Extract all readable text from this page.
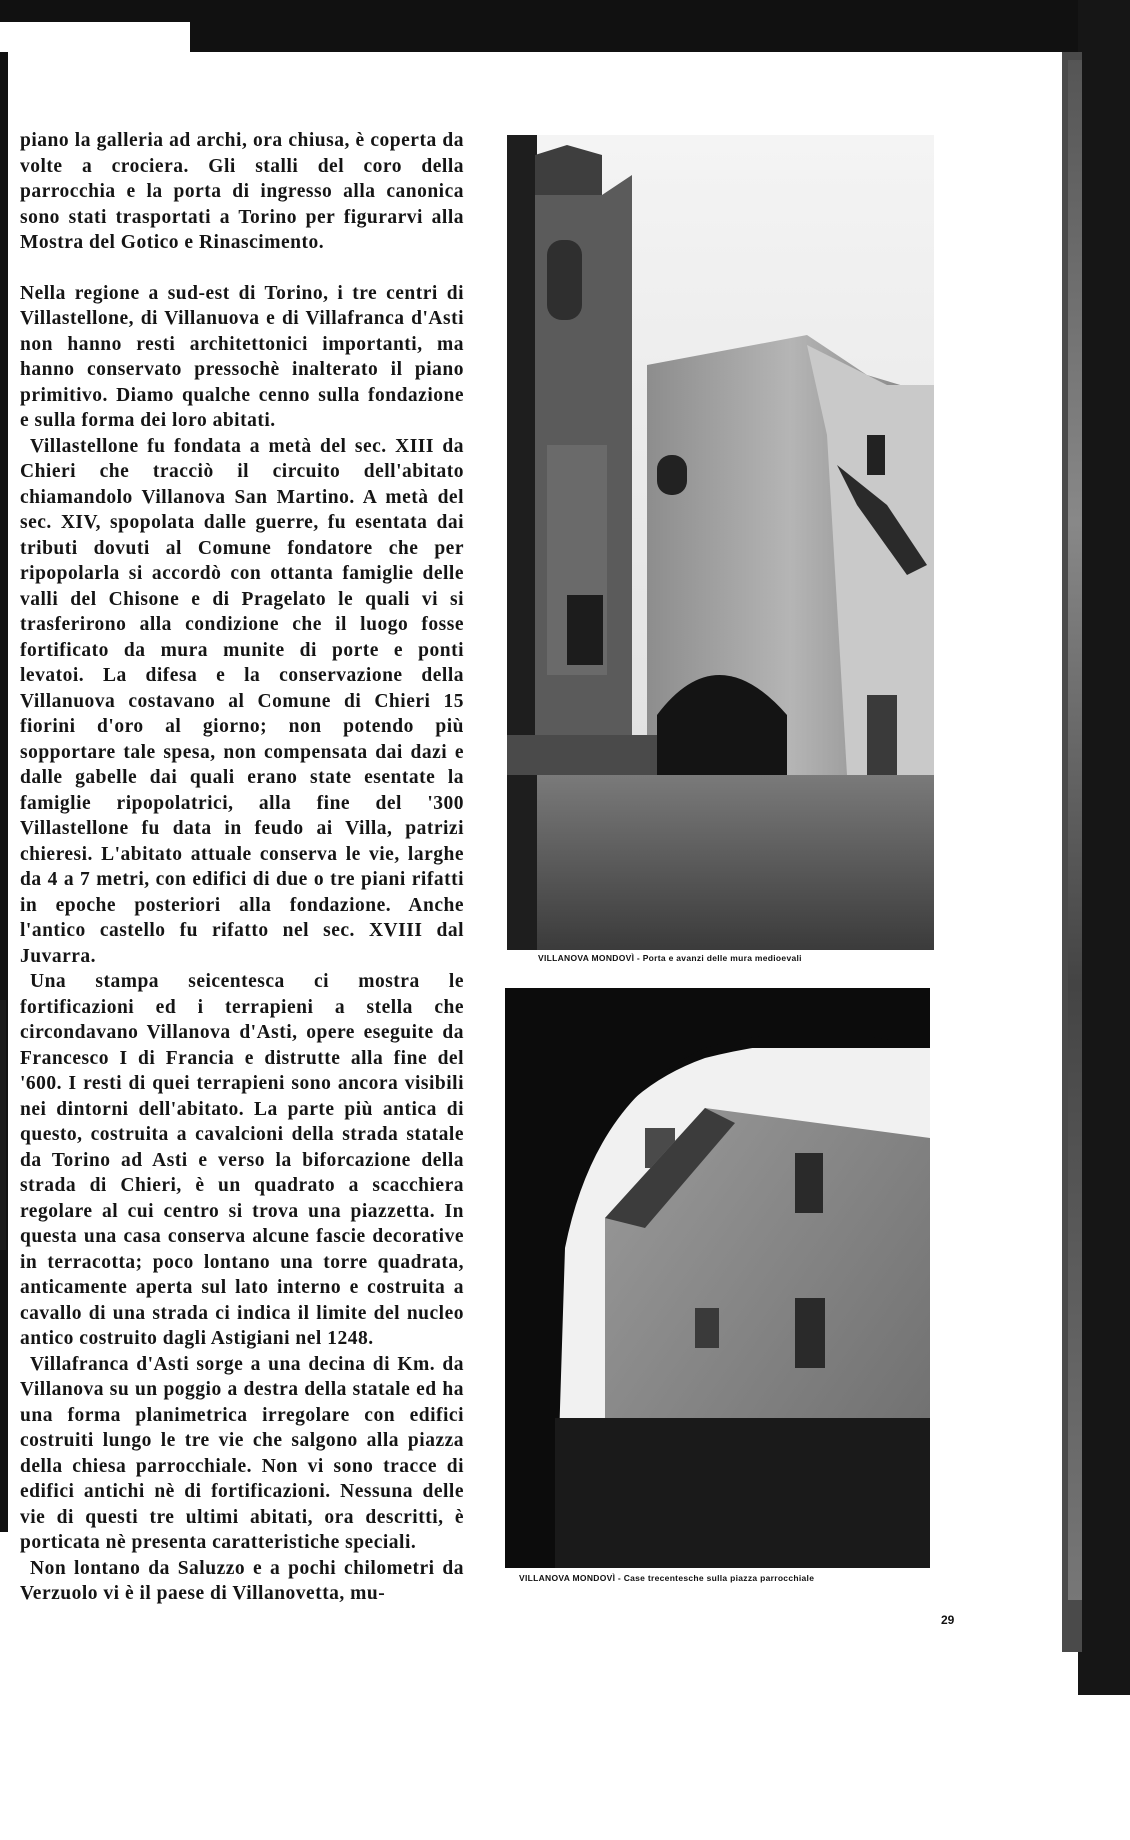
piano la galleria ad archi, ora chiusa, è coperta da volte a crociera. Gli stalli del coro della parrocchia e la porta di ingresso alla canonica sono stati trasportati a Torino per figurarvi alla Mostra del Gotico e Rinascimento.

Nella regione a sud-est di Torino, i tre centri di Villastellone, di Villanuova e di Villafranca d'Asti non hanno resti architettonici importanti, ma hanno conservato pressochè inalterato il piano primitivo. Diamo qualche cenno sulla fondazione e sulla forma dei loro abitati.

Villastellone fu fondata a metà del sec. XIII da Chieri che tracciò il circuito dell'abitato chiamandolo Villanova San Martino. A metà del sec. XIV, spopolata dalle guerre, fu esentata dai tributi dovuti al Comune fondatore che per ripopolarla si accordò con ottanta famiglie delle valli del Chisone e di Pragelato le quali vi si trasferirono alla condizione che il luogo fosse fortificato da mura munite di porte e ponti levatoi. La difesa e la conservazione della Villanuova costavano al Comune di Chieri 15 fiorini d'oro al giorno; non potendo più sopportare tale spesa, non compensata dai dazi e dalle gabelle dai quali erano state esentate la famiglie ripopolatrici, alla fine del '300 Villastellone fu data in feudo ai Villa, patrizi chieresi. L'abitato attuale conserva le vie, larghe da 4 a 7 metri, con edifici di due o tre piani rifatti in epoche posteriori alla fondazione. Anche l'antico castello fu rifatto nel sec. XVIII dal Juvarra.

Una stampa seicentesca ci mostra le fortificazioni ed i terrapieni a stella che circondavano Villanova d'Asti, opere eseguite da Francesco I di Francia e distrutte alla fine del '600. I resti di quei terrapieni sono ancora visibili nei dintorni dell'abitato. La parte più antica di questo, costruita a cavalcioni della strada statale da Torino ad Asti e verso la biforcazione della strada di Chieri, è un quadrato a scacchiera regolare al cui centro si trova una piazzetta. In questa una casa conserva alcune fascie decorative in terracotta; poco lontano una torre quadrata, anticamente aperta sul lato interno e costruita a cavallo di una strada ci indica il limite del nucleo antico costruito dagli Astigiani nel 1248.

Villafranca d'Asti sorge a una decina di Km. da Villanova su un poggio a destra della statale ed ha una forma planimetrica irregolare con edifici costruiti lungo le tre vie che salgono alla piazza della chiesa parrocchiale. Non vi sono tracce di edifici antichi nè di fortificazioni. Nessuna delle vie di questi tre ultimi abitati, ora descritti, è porticata nè presenta caratteristiche speciali.

Non lontano da Saluzzo e a pochi chilometri da Verzuolo vi è il paese di Villanovetta, mu-

VILLANOVA MONDOVÌ - Porta e avanzi delle mura medioevali
VILLANOVA MONDOVÌ - Case trecentesche sulla piazza parrocchiale
29
